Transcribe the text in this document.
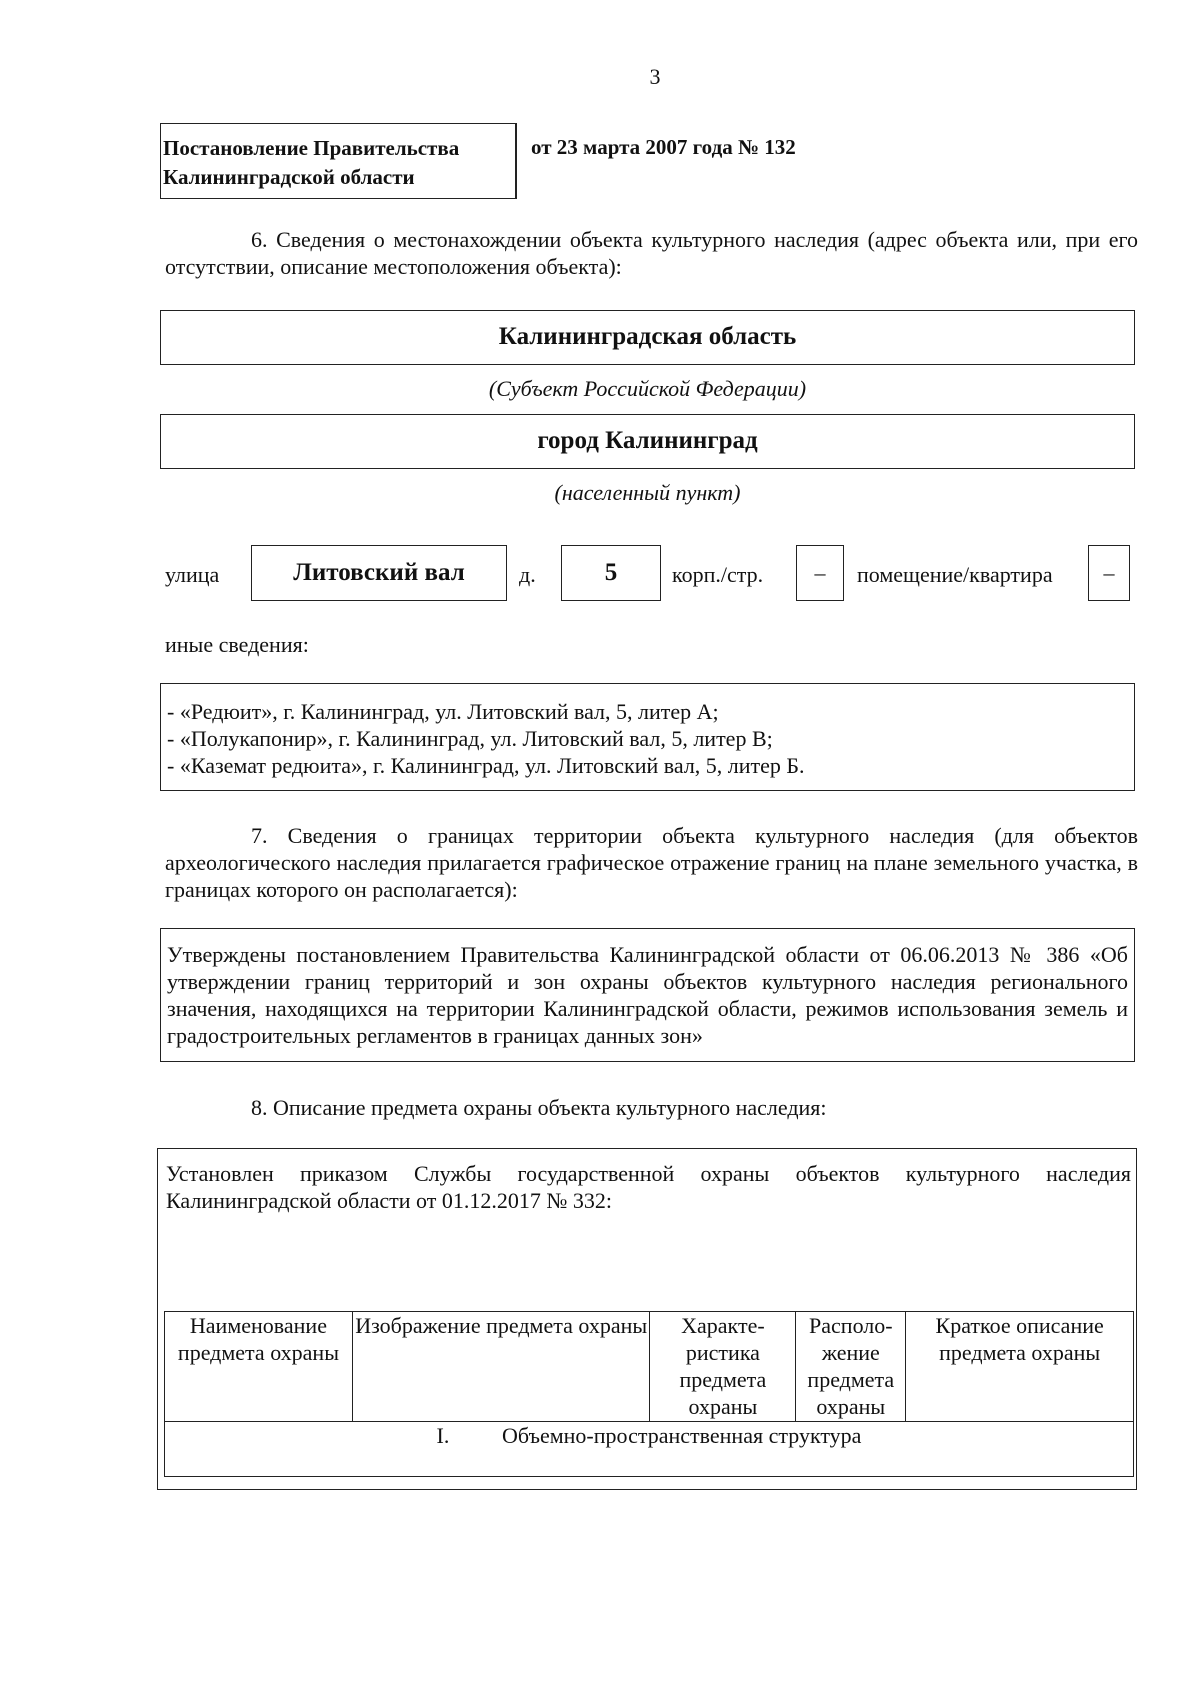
3
Постановление Правительства
Калининградской области
от 23 марта 2007 года № 132
6. Сведения о местонахождении объекта культурного наследия (адрес объекта или, при его отсутствии, описание местоположения объекта):
Калининградская область
(Субъект Российской Федерации)
город Калининград
(населенный пункт)
улица	Литовский вал	д.	5	корп./стр.	–	помещение/квартира	–
иные сведения:
- «Редюит», г. Калининград, ул. Литовский вал, 5, литер А;
- «Полукапонир», г. Калининград, ул. Литовский вал, 5, литер В;
- «Каземат редюита», г. Калининград, ул. Литовский вал, 5, литер Б.
7. Сведения о границах территории объекта культурного наследия (для объектов археологического наследия прилагается графическое отражение границ на плане земельного участка, в границах которого он располагается):
Утверждены постановлением Правительства Калининградской области от 06.06.2013 № 386 «Об утверждении границ территорий и зон охраны объектов культурного наследия регионального значения, находящихся на территории Калининградской области, режимов использования земель и градостроительных регламентов в границах данных зон»
8. Описание предмета охраны объекта культурного наследия:
Установлен приказом Службы государственной охраны объектов культурного наследия Калининградской области от 01.12.2017 № 332:
Наименование предмета охраны	Изображение предмета охраны	Характе-ристика предмета охраны	Располо-жение предмета охраны	Краткое описание предмета охраны
I. Объемно-пространственная структура
